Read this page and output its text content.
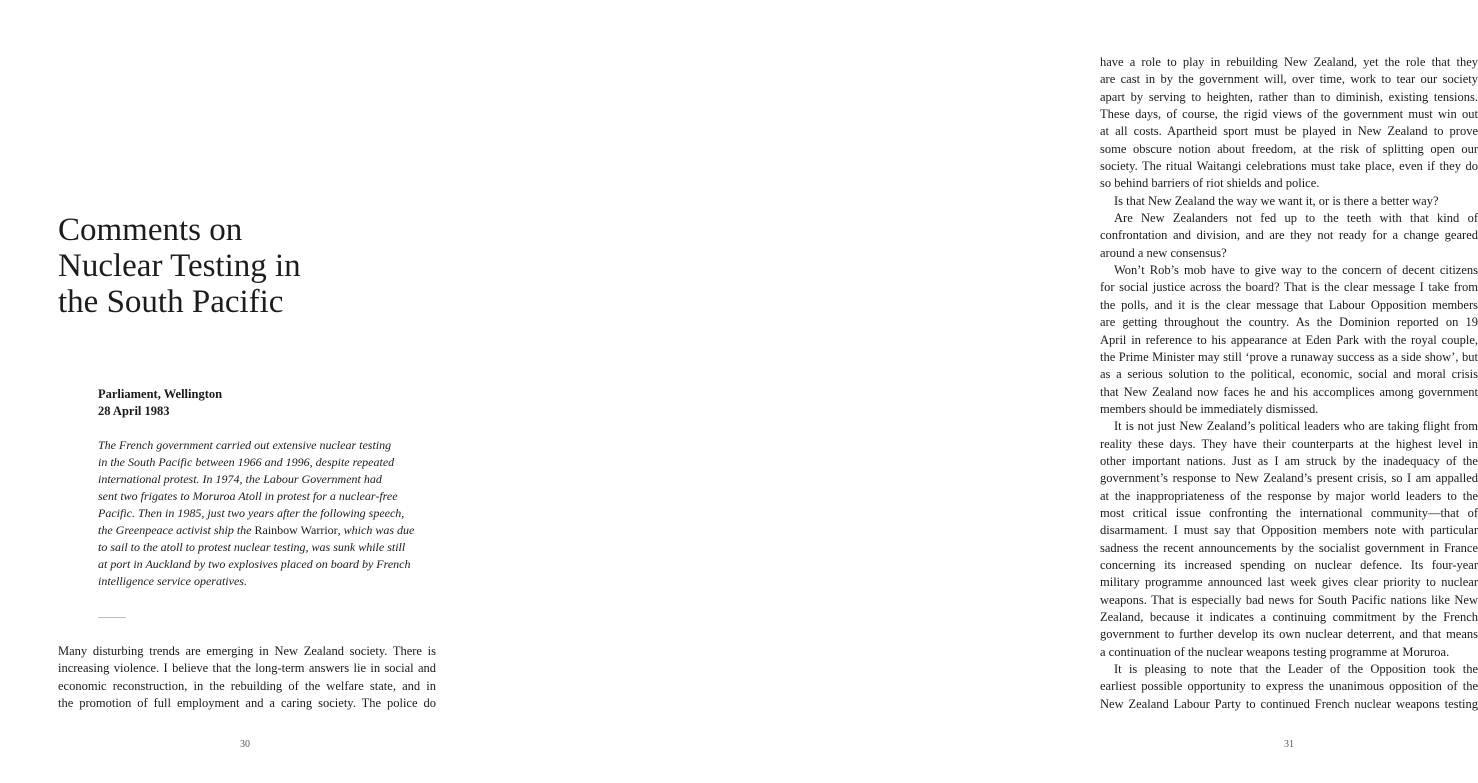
Comments on
Nuclear Testing in
the South Pacific
Parliament, Wellington
28 April 1983
The French government carried out extensive nuclear testing
in the South Pacific between 1966 and 1996, despite repeated
international protest. In 1974, the Labour Government had
sent two frigates to Moruroa Atoll in protest for a nuclear-free
Pacific. Then in 1985, just two years after the following speech,
the Greenpeace activist ship the Rainbow Warrior, which was due
to sail to the atoll to protest nuclear testing, was sunk while still
at port in Auckland by two explosives placed on board by French
intelligence service operatives.

Many disturbing trends are emerging in New Zealand society. There is
increasing violence. I believe that the long-term answers lie in social and
economic reconstruction, in the rebuilding of the welfare state, and in
the promotion of full employment and a caring society. The police do

30

have a role to play in rebuilding New Zealand, yet the role that they
are cast in by the government will, over time, work to tear our society
apart by serving to heighten, rather than to diminish, existing tensions.
These days, of course, the rigid views of the government must win out
at all costs. Apartheid sport must be played in New Zealand to prove
some obscure notion about freedom, at the risk of splitting open our
society. The ritual Waitangi celebrations must take place, even if they do
so behind barriers of riot shields and police.

Is that New Zealand the way we want it, or is there a better way?

Are New Zealanders not fed up to the teeth with that kind of
confrontation and division, and are they not ready for a change geared
around a new consensus?

Won’t Rob’s mob have to give way to the concern of decent citizens
for social justice across the board? That is the clear message I take from
the polls, and it is the clear message that Labour Opposition members
are getting throughout the country. As the Dominion reported on 19
April in reference to his appearance at Eden Park with the royal couple,
the Prime Minister may still ‘prove a runaway success as a side show’, but
as a serious solution to the political, economic, social and moral crisis
that New Zealand now faces he and his accomplices among government
members should be immediately dismissed.

It is not just New Zealand’s political leaders who are taking flight from
reality these days. They have their counterparts at the highest level in
other important nations. Just as I am struck by the inadequacy of the
government’s response to New Zealand’s present crisis, so I am appalled
at the inappropriateness of the response by major world leaders to the
most critical issue confronting the international community—that of
disarmament. I must say that Opposition members note with particular
sadness the recent announcements by the socialist government in France
concerning its increased spending on nuclear defence. Its four-year
military programme announced last week gives clear priority to nuclear
weapons. That is especially bad news for South Pacific nations like New
Zealand, because it indicates a continuing commitment by the French
government to further develop its own nuclear deterrent, and that means
a continuation of the nuclear weapons testing programme at Moruroa.

It is pleasing to note that the Leader of the Opposition took the
earliest possible opportunity to express the unanimous opposition of the
New Zealand Labour Party to continued French nuclear weapons testing

31
